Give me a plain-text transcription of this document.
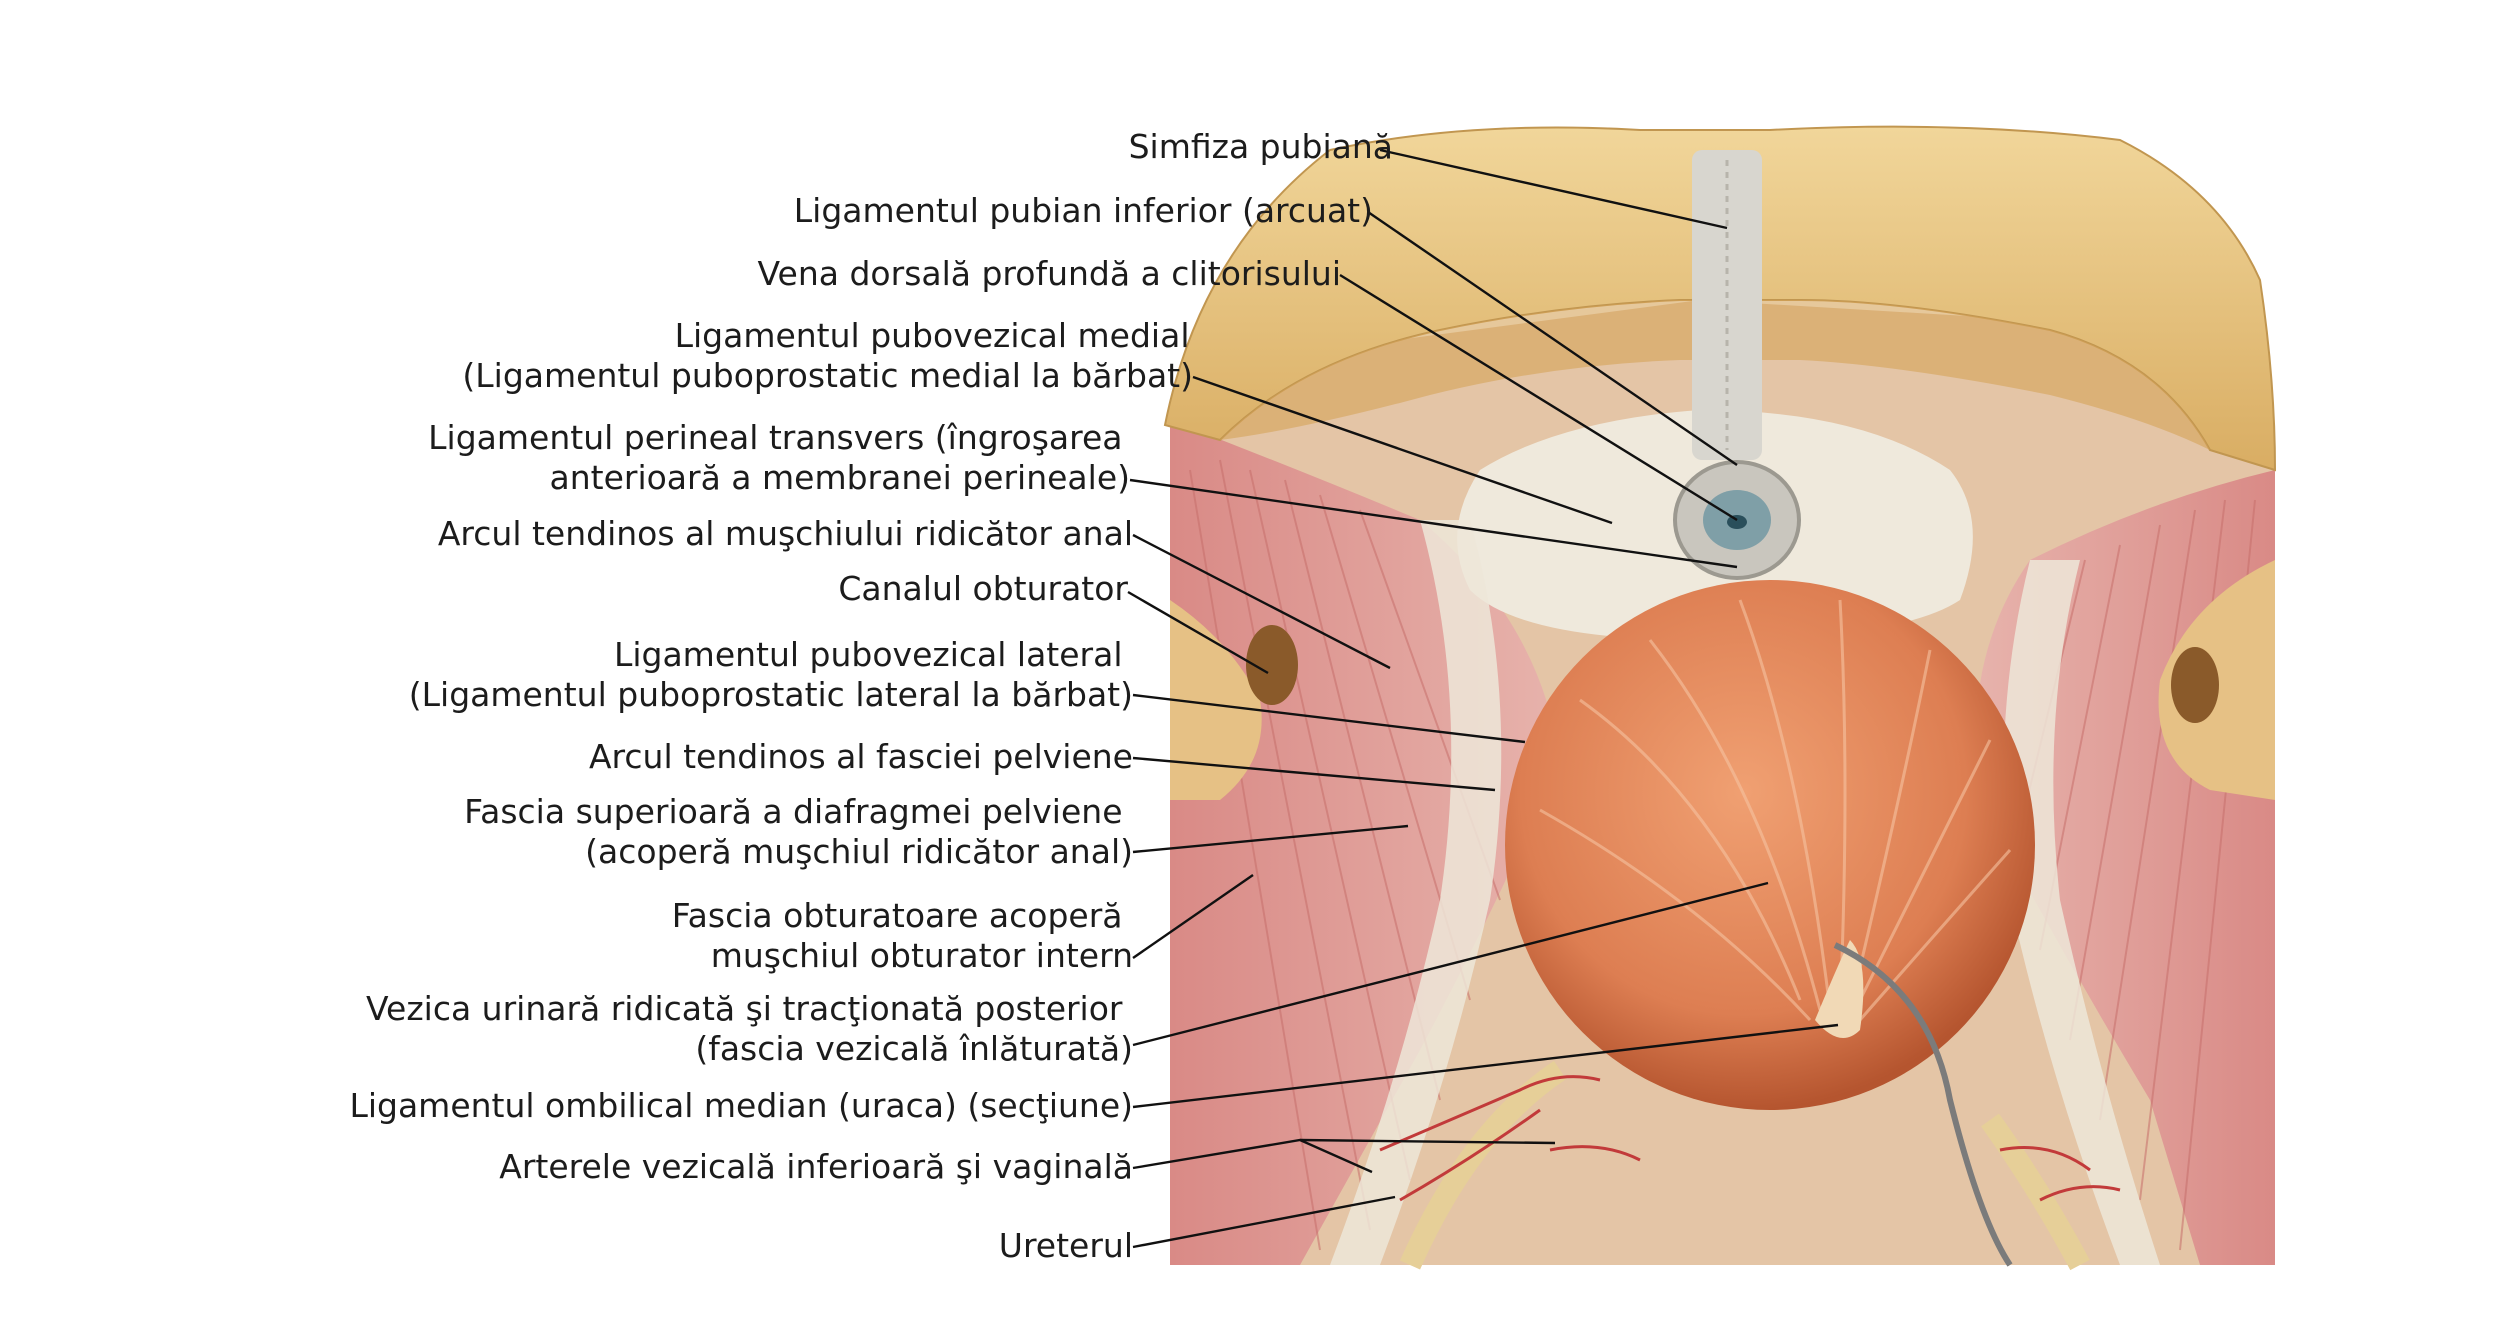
Simfiza pubiană
Ligamentul pubian inferior (arcuat)
Vena dorsală profundă a clitorisului
Ligamentul pubovezical medial (Ligamentul puboprostatic medial la bărbat)
Ligamentul perineal transvers (îngroşarea anterioară a membranei perineale)
Arcul tendinos al muşchiului ridicător anal
Canalul obturator
Ligamentul pubovezical lateral (Ligamentul puboprostatic lateral la bărbat)
Arcul tendinos al fasciei pelviene
Fascia superioară a diafragmei pelviene (acoperă muşchiul ridicător anal)
Fascia obturatoare acoperă muşchiul obturator intern
Vezica urinară ridicată şi tracţionată posterior (fascia vezicală înlăturată)
Ligamentul ombilical median (uraca) (secţiune)
Arterele vezicală inferioară şi vaginală
Ureterul
